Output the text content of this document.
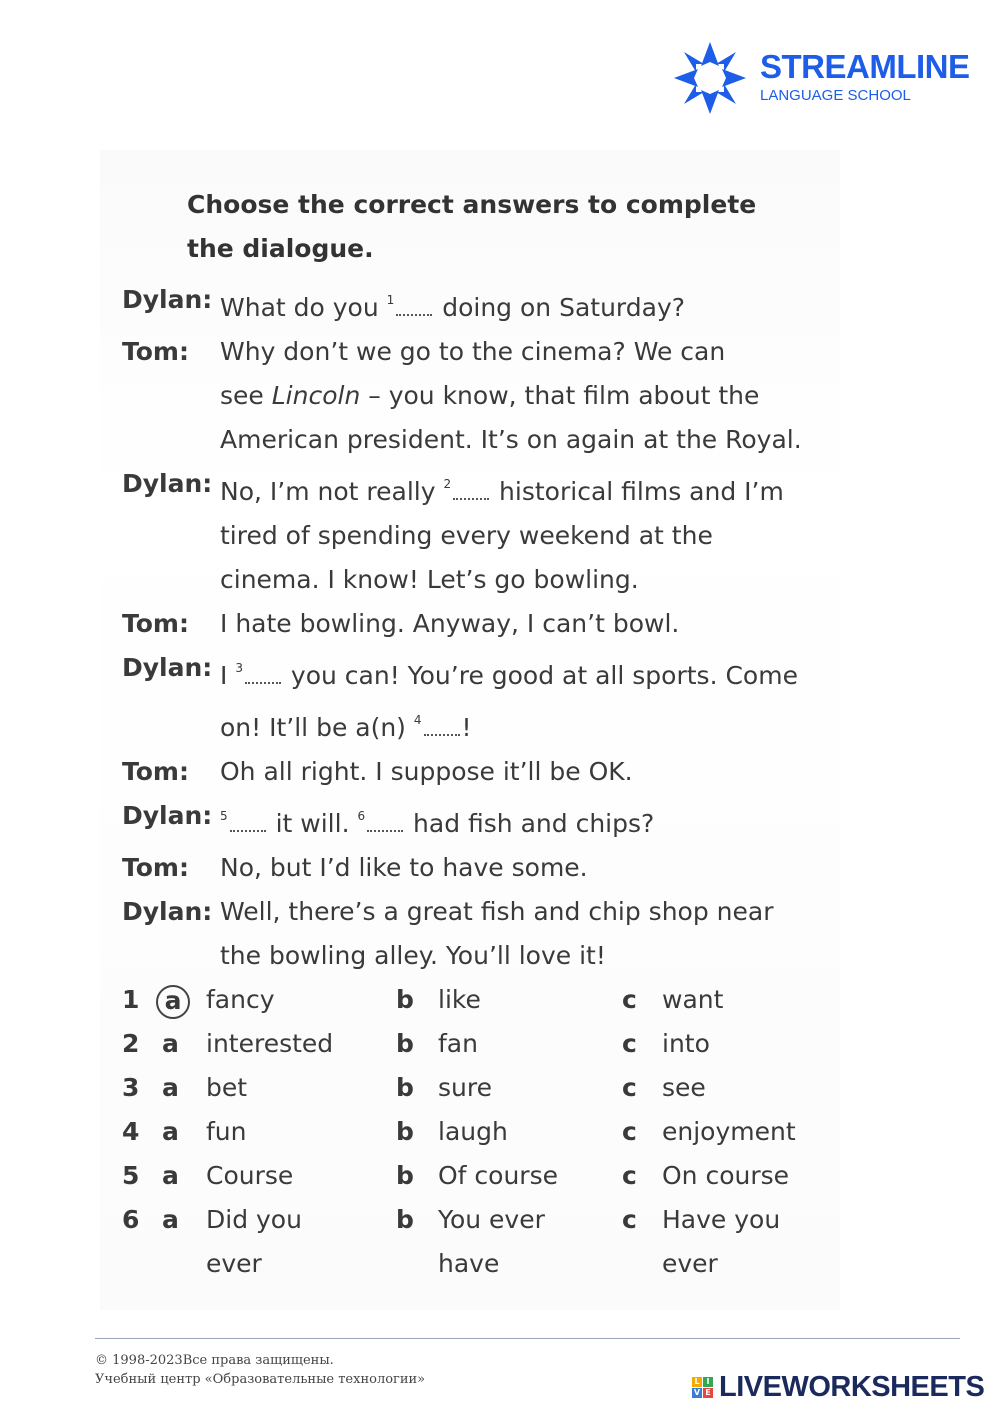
STREAMLINE
LANGUAGE SCHOOL
Choose the correct answers to complete
the dialogue.
Dylan: What do you $^1$ doing on Saturday?
Tom:	Why don’t we go to the cinema? We can
see Lincoln – you know, that film about the
American president. It’s on again at the Royal.
Dylan: No, I’m not really $^2$ historical films and I’m
tired of spending every weekend at the
cinema. I know! Let’s go bowling.
Tom:	I hate bowling. Anyway, I can’t bowl.
Dylan: I $^3$ you can! You’re good at all sports. Come
on! It’ll be a(n) $^4$ !
Tom:	Oh all right. I suppose it’ll be OK.
Dylan: $^5$ it will. $^6$ had fish and chips?
Tom:	No, but I’d like to have some.
Dylan: Well, there’s a great fish and chip shop near
the bowling alley. You’ll love it!
1	a fancy	b like	c want
2 a interested	b fan	c into
3 a bet	b sure	c see
4 a fun	b laugh	c enjoyment
5 a Course	b Of course	c On course
6 a Did you
ever
b You ever
have
c Have you
ever
© 1998-2023Все права защищены.
Учебный центр «Образовательные технологии»	L I
V E LIVEWORKSHEETS
